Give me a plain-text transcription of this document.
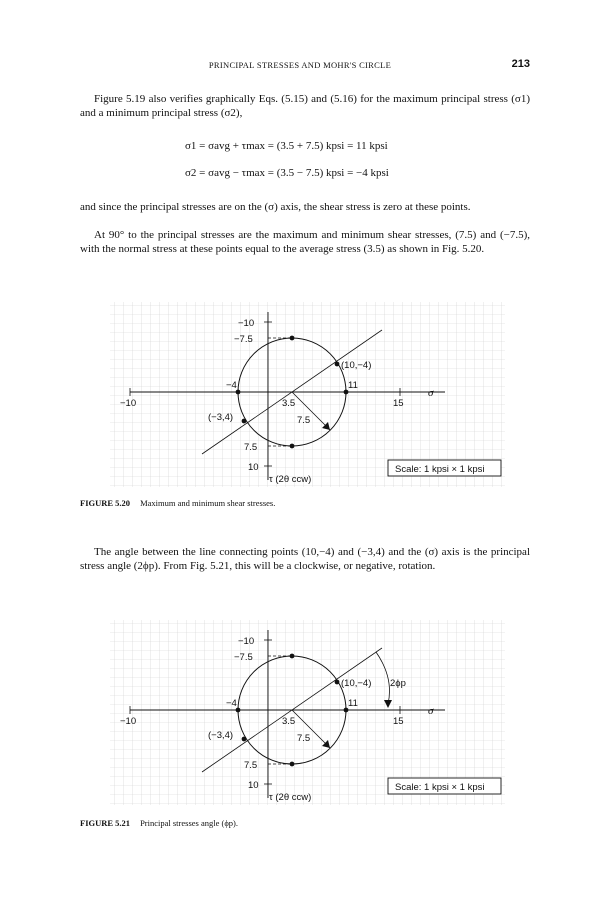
PRINCIPAL STRESSES AND MOHR'S CIRCLE	213

Figure 5.19 also verifies graphically Eqs. (5.15) and (5.16) for the maximum principal stress (σ1) and a minimum principal stress (σ2),

σ1 = σavg + τmax = (3.5 + 7.5) kpsi = 11 kpsi
σ2 = σavg − τmax = (3.5 − 7.5) kpsi = −4 kpsi

and since the principal stresses are on the (σ) axis, the shear stress is zero at these points.

At 90° to the principal stresses are the maximum and minimum shear stresses, (7.5) and (−7.5), with the normal stress at these points equal to the average stress (3.5) as shown in Fig. 5.20.

−10
−7.5
(10,−4)
−4	11
σ
−10	3.5	15
(−3,4)	7.5
7.5
10
τ (2θ ccw)
Scale: 1 kpsi × 1 kpsi
FIGURE 5.20 Maximum and minimum shear stresses.

The angle between the line connecting points (10,−4) and (−3,4) and the (σ) axis is the principal stress angle (2ϕp). From Fig. 5.21, this will be a clockwise, or negative, rotation.

−10
−7.5
(10,−4) 2ϕp
−4	11
σ
−10	3.5	15
(−3,4)	7.5
7.5
10
τ (2θ ccw)
Scale: 1 kpsi × 1 kpsi
FIGURE 5.21 Principal stresses angle (ϕp).
